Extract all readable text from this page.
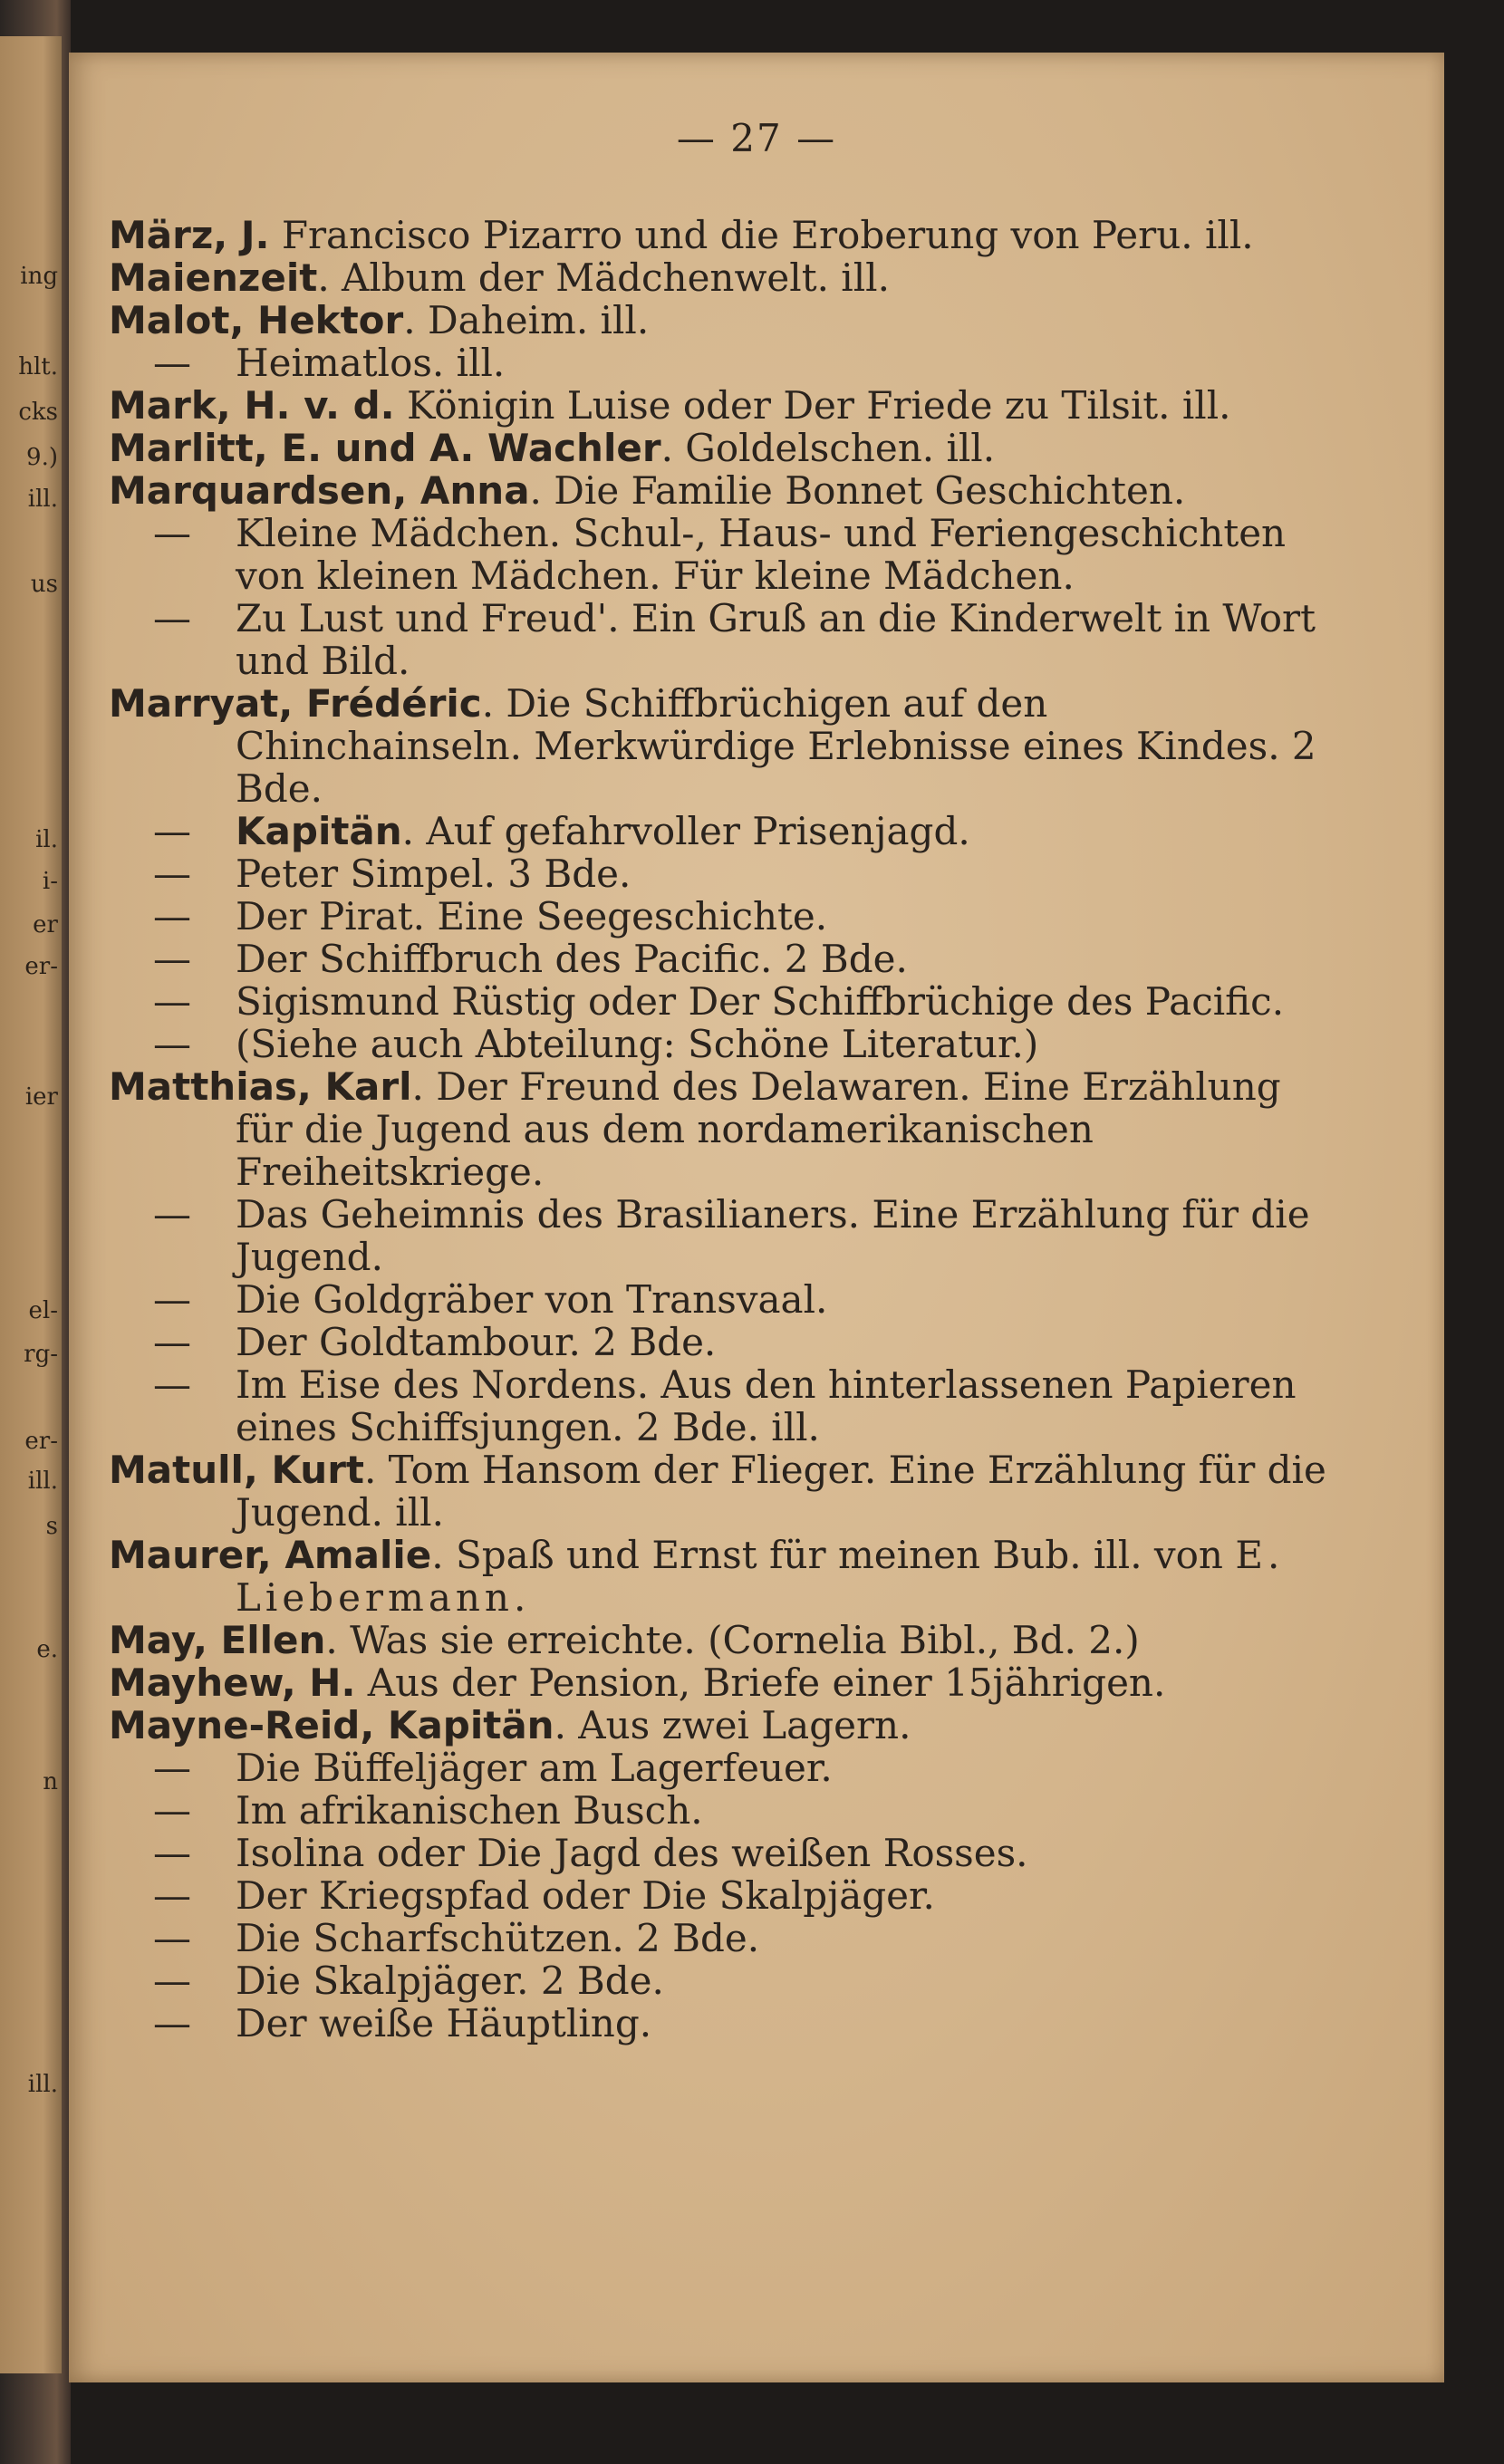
ing
hlt.
cks
9.)
ill.
us
il.
i-
er
er-
ier
el-
rg-
er-
ill.
s
e.
n
ill.
— 27 —

März, J. Francisco Pizarro und die Eroberung von Peru. ill.

Maienzeit. Album der Mädchenwelt. ill.

Malot, Hektor. Daheim. ill.

— Heimatlos. ill.

Mark, H. v. d. Königin Luise oder Der Friede zu Tilsit. ill.

Marlitt, E. und A. Wachler. Goldelschen. ill.

Marquardsen, Anna. Die Familie Bonnet Geschichten.

— Kleine Mädchen. Schul-, Haus- und Feriengeschichten von kleinen Mädchen. Für kleine Mädchen.

— Zu Lust und Freud'. Ein Gruß an die Kinderwelt in Wort und Bild.

Marryat, Frédéric. Die Schiffbrüchigen auf den Chinchainseln. Merkwürdige Erlebnisse eines Kindes. 2 Bde.

— Kapitän. Auf gefahrvoller Prisenjagd.

— Peter Simpel. 3 Bde.

— Der Pirat. Eine Seegeschichte.

— Der Schiffbruch des Pacific. 2 Bde.

— Sigismund Rüstig oder Der Schiffbrüchige des Pacific.

— (Siehe auch Abteilung: Schöne Literatur.)

Matthias, Karl. Der Freund des Delawaren. Eine Erzählung für die Jugend aus dem nordamerikanischen Freiheitskriege.

— Das Geheimnis des Brasilianers. Eine Erzählung für die Jugend.

— Die Goldgräber von Transvaal.

— Der Goldtambour. 2 Bde.

— Im Eise des Nordens. Aus den hinterlassenen Papieren eines Schiffsjungen. 2 Bde. ill.

Matull, Kurt. Tom Hansom der Flieger. Eine Erzählung für die Jugend. ill.

Maurer, Amalie. Spaß und Ernst für meinen Bub. ill. von E. Liebermann.

May, Ellen. Was sie erreichte. (Cornelia Bibl., Bd. 2.)

Mayhew, H. Aus der Pension, Briefe einer 15jährigen.

Mayne-Reid, Kapitän. Aus zwei Lagern.

— Die Büffeljäger am Lagerfeuer.

— Im afrikanischen Busch.

— Isolina oder Die Jagd des weißen Rosses.

— Der Kriegspfad oder Die Skalpjäger.

— Die Scharfschützen. 2 Bde.

— Die Skalpjäger. 2 Bde.

— Der weiße Häuptling.
